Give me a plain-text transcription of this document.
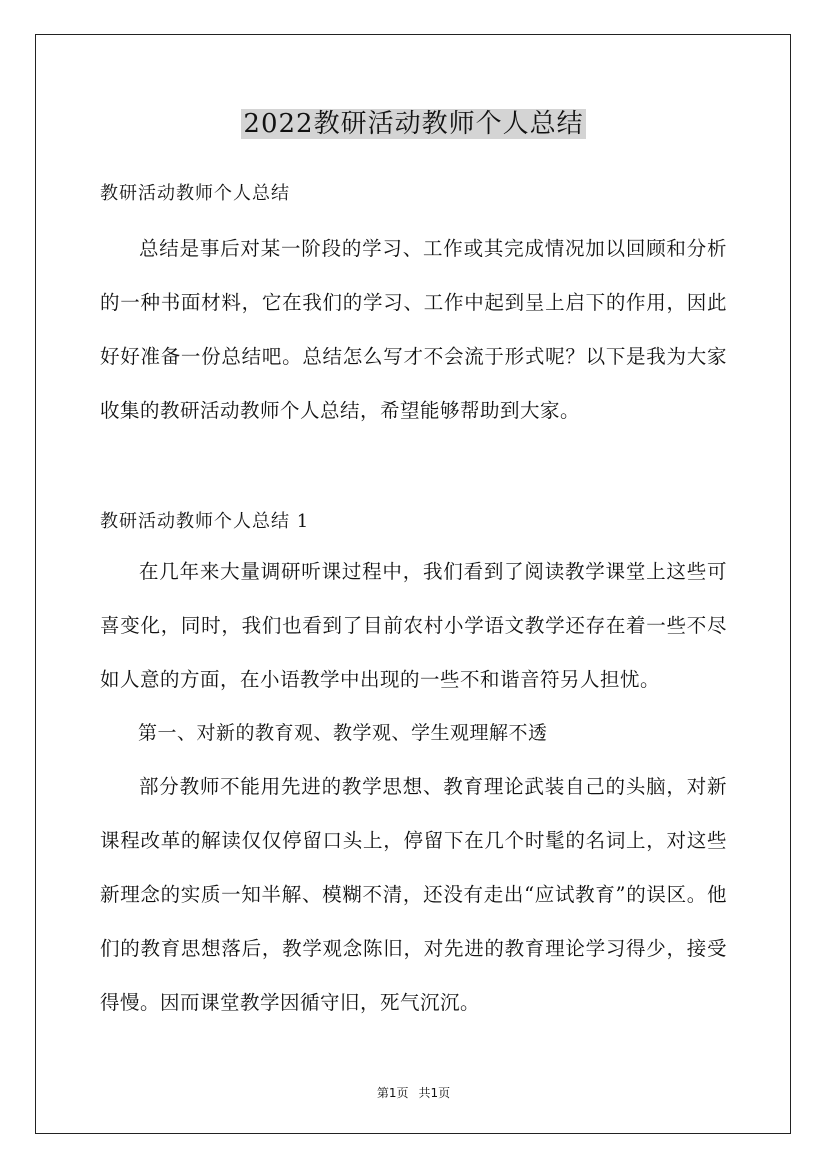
2022教研活动教师个人总结
教研活动教师个人总结

总结是事后对某一阶段的学习、工作或其完成情况加以回顾和分析的一种书面材料，它在我们的学习、工作中起到呈上启下的作用，因此好好准备一份总结吧。总结怎么写才不会流于形式呢？以下是我为大家收集的教研活动教师个人总结，希望能够帮助到大家。

教研活动教师个人总结 1

在几年来大量调研听课过程中，我们看到了阅读教学课堂上这些可喜变化，同时，我们也看到了目前农村小学语文教学还存在着一些不尽如人意的方面，在小语教学中出现的一些不和谐音符另人担忧。

第一、对新的教育观、教学观、学生观理解不透

部分教师不能用先进的教学思想、教育理论武装自己的头脑，对新课程改革的解读仅仅停留口头上，停留下在几个时髦的名词上，对这些新理念的实质一知半解、模糊不清，还没有走出“应试教育”的误区。他们的教育思想落后，教学观念陈旧，对先进的教育理论学习得少，接受得慢。因而课堂教学因循守旧，死气沉沉。

第1页 共1页
